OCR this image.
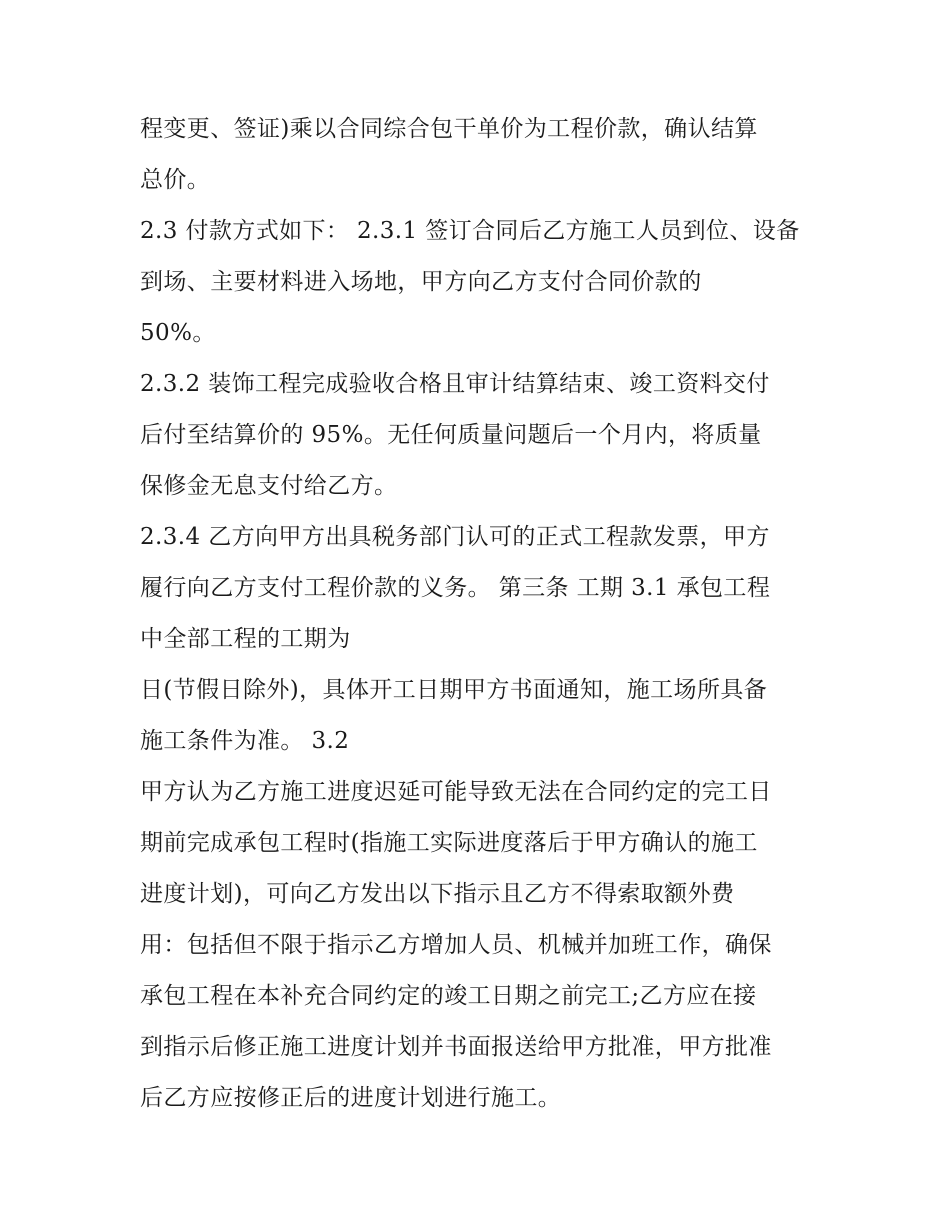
程变更、签证)乘以合同综合包干单价为工程价款，确认结算
总价。
2.3 付款方式如下： 2.3.1 签订合同后乙方施工人员到位、设备
到场、主要材料进入场地，甲方向乙方支付合同价款的
50%。
2.3.2 装饰工程完成验收合格且审计结算结束、竣工资料交付
后付至结算价的 95%。无任何质量问题后一个月内，将质量
保修金无息支付给乙方。
2.3.4 乙方向甲方出具税务部门认可的正式工程款发票，甲方
履行向乙方支付工程价款的义务。 第三条 工期 3.1 承包工程
中全部工程的工期为
日(节假日除外)，具体开工日期甲方书面通知，施工场所具备
施工条件为准。 3.2
甲方认为乙方施工进度迟延可能导致无法在合同约定的完工日
期前完成承包工程时(指施工实际进度落后于甲方确认的施工
进度计划)，可向乙方发出以下指示且乙方不得索取额外费
用：包括但不限于指示乙方增加人员、机械并加班工作，确保
承包工程在本补充合同约定的竣工日期之前完工;乙方应在接
到指示后修正施工进度计划并书面报送给甲方批准，甲方批准
后乙方应按修正后的进度计划进行施工。
